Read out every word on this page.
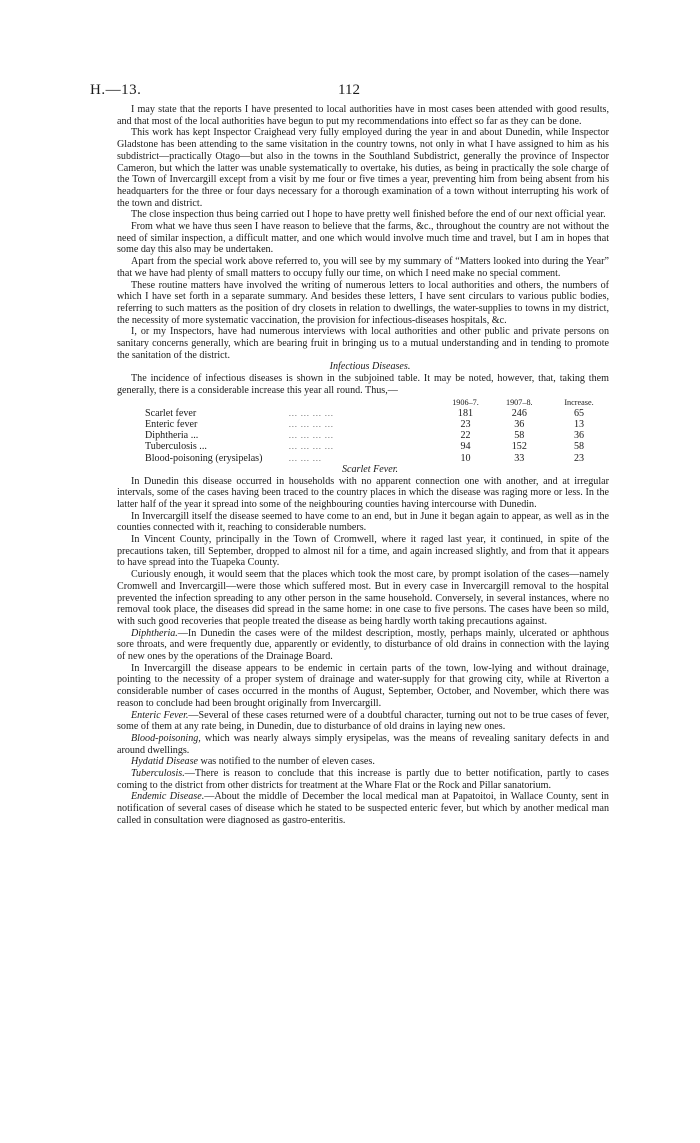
H.—13.	112

I may state that the reports I have presented to local authorities have in most cases been attended with good results, and that most of the local authorities have begun to put my recommendations into effect so far as they can be done.

This work has kept Inspector Craighead very fully employed during the year in and about Dunedin, while Inspector Gladstone has been attending to the same visitation in the country towns, not only in what I have assigned to him as his subdistrict—practically Otago—but also in the towns in the Southland Subdistrict, generally the province of Inspector Cameron, but which the latter was unable systematically to overtake, his duties, as being in practically the sole charge of the Town of Invercargill except from a visit by me four or five times a year, preventing him from being absent from his headquarters for the three or four days necessary for a thorough examination of a town without interrupting his work of the town and district.

The close inspection thus being carried out I hope to have pretty well finished before the end of our next official year.

From what we have thus seen I have reason to believe that the farms, &c., throughout the country are not without the need of similar inspection, a difficult matter, and one which would involve much time and travel, but I am in hopes that some day this also may be undertaken.

Apart from the special work above referred to, you will see by my summary of “Matters looked into during the Year” that we have had plenty of small matters to occupy fully our time, on which I need make no special comment.

These routine matters have involved the writing of numerous letters to local authorities and others, the numbers of which I have set forth in a separate summary. And besides these letters, I have sent circulars to various public bodies, referring to such matters as the position of dry closets in relation to dwellings, the water-supplies to towns in my district, the necessity of more systematic vaccination, the provision for infectious-diseases hospitals, &c.

I, or my Inspectors, have had numerous interviews with local authorities and other public and private persons on sanitary concerns generally, which are bearing fruit in bringing us to a mutual understanding and in tending to promote the sanitation of the district.

Infectious Diseases.

The incidence of infectious diseases is shown in the subjoined table. It may be noted, however, that, taking them generally, there is a considerable increase this year all round. Thus,—

		1906–7.	1907–8.	Increase.
Scarlet fever	... ... ... ...	181	246	65
Enteric fever	... ... ... ...	23	36	13
Diphtheria ...	... ... ... ...	22	58	36
Tuberculosis ...	... ... ... ...	94	152	58
Blood-poisoning (erysipelas)	... ... ...	10	33	23

Scarlet Fever.

In Dunedin this disease occurred in households with no apparent connection one with another, and at irregular intervals, some of the cases having been traced to the country places in which the disease was raging more or less. In the latter half of the year it spread into some of the neighbouring counties having intercourse with Dunedin.

In Invercargill itself the disease seemed to have come to an end, but in June it began again to appear, as well as in the counties connected with it, reaching to considerable numbers.

In Vincent County, principally in the Town of Cromwell, where it raged last year, it continued, in spite of the precautions taken, till September, dropped to almost nil for a time, and again increased slightly, and from that it appears to have spread into the Tuapeka County.

Curiously enough, it would seem that the places which took the most care, by prompt isolation of the cases—namely Cromwell and Invercargill—were those which suffered most. But in every case in Invercargill removal to the hospital prevented the infection spreading to any other person in the same household. Conversely, in several instances, where no removal took place, the diseases did spread in the same home: in one case to five persons. The cases have been so mild, with such good recoveries that people treated the disease as being hardly worth taking precautions against.

Diphtheria.—In Dunedin the cases were of the mildest description, mostly, perhaps mainly, ulcerated or aphthous sore throats, and were frequently due, apparently or evidently, to disturbance of old drains in connection with the laying of new ones by the operations of the Drainage Board.

In Invercargill the disease appears to be endemic in certain parts of the town, low-lying and without drainage, pointing to the necessity of a proper system of drainage and water-supply for that growing city, while at Riverton a considerable number of cases occurred in the months of August, September, October, and November, which there was reason to conclude had been brought originally from Invercargill.

Enteric Fever.—Several of these cases returned were of a doubtful character, turning out not to be true cases of fever, some of them at any rate being, in Dunedin, due to disturbance of old drains in laying new ones.

Blood-poisoning, which was nearly always simply erysipelas, was the means of revealing sanitary defects in and around dwellings.

Hydatid Disease was notified to the number of eleven cases.

Tuberculosis.—There is reason to conclude that this increase is partly due to better notification, partly to cases coming to the district from other districts for treatment at the Whare Flat or the Rock and Pillar sanatorium.

Endemic Disease.—About the middle of December the local medical man at Papatoitoi, in Wallace County, sent in notification of several cases of disease which he stated to be suspected enteric fever, but which by another medical man called in consultation were diagnosed as gastro-enteritis.
